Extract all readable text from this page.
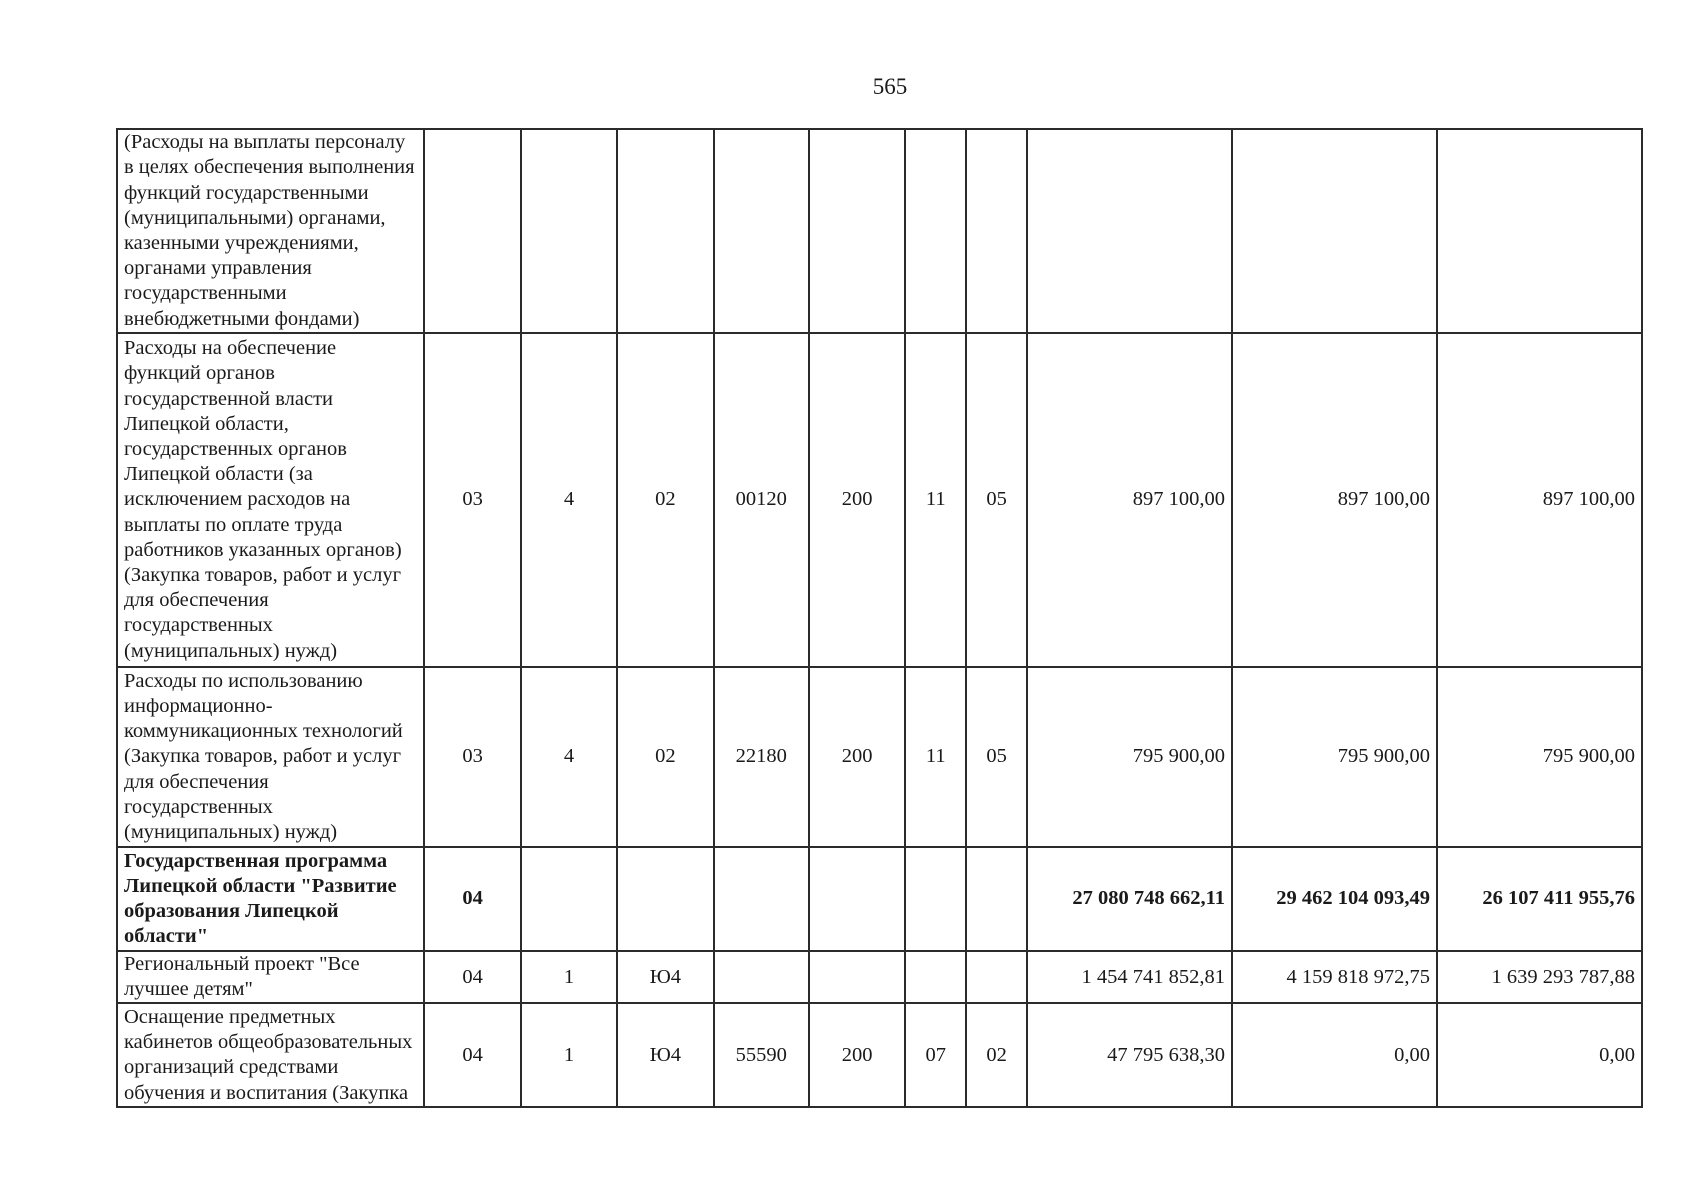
565
(Расходы на выплаты персоналу в целях обеспечения выполнения функций государственными (муниципальными) органами, казенными учреждениями, органами управления государственными внебюджетными фондами)										
Расходы на обеспечение функций органов государственной власти Липецкой области, государственных органов Липецкой области (за исключением расходов на выплаты по оплате труда работников указанных органов) (Закупка товаров, работ и услуг для обеспечения государственных (муниципальных) нужд)	03	4	02	00120	200	11	05	897 100,00	897 100,00	897 100,00
Расходы по использованию информационно-коммуникационных технологий (Закупка товаров, работ и услуг для обеспечения государственных (муниципальных) нужд)	03	4	02	22180	200	11	05	795 900,00	795 900,00	795 900,00
Государственная программа Липецкой области "Развитие образования Липецкой области"	04							27 080 748 662,11	29 462 104 093,49	26 107 411 955,76
Региональный проект "Все лучшее детям"	04	1	Ю4					1 454 741 852,81	4 159 818 972,75	1 639 293 787,88
Оснащение предметных кабинетов общеобразовательных организаций средствами обучения и воспитания (Закупка	04	1	Ю4	55590	200	07	02	47 795 638,30	0,00	0,00
